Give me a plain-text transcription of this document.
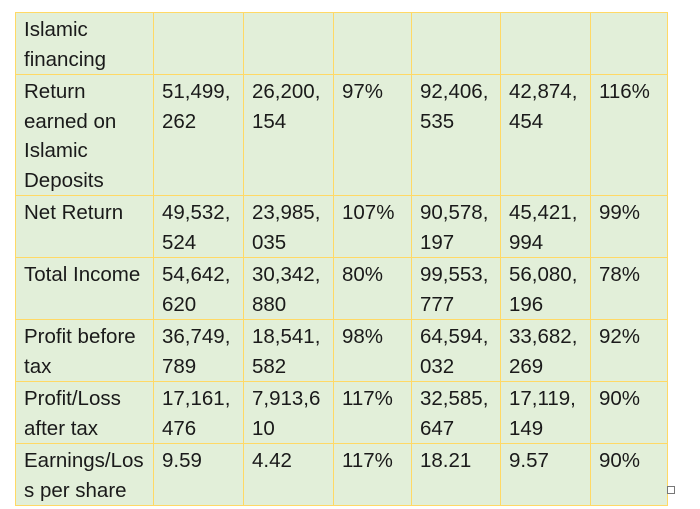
Islamic financing						
Return earned on Islamic Deposits	51,499,262	26,200,154	97%	92,406,535	42,874,454	116%
Net Return	49,532,524	23,985,035	107%	90,578,197	45,421,994	99%
Total Income	54,642,620	30,342,880	80%	99,553,777	56,080,196	78%
Profit before tax	36,749,789	18,541,582	98%	64,594,032	33,682,269	92%
Profit/Loss after tax	17,161,476	7,913,610	117%	32,585,647	17,119,149	90%
Earnings/Loss per share	9.59	4.42	117%	18.21	9.57	90%
